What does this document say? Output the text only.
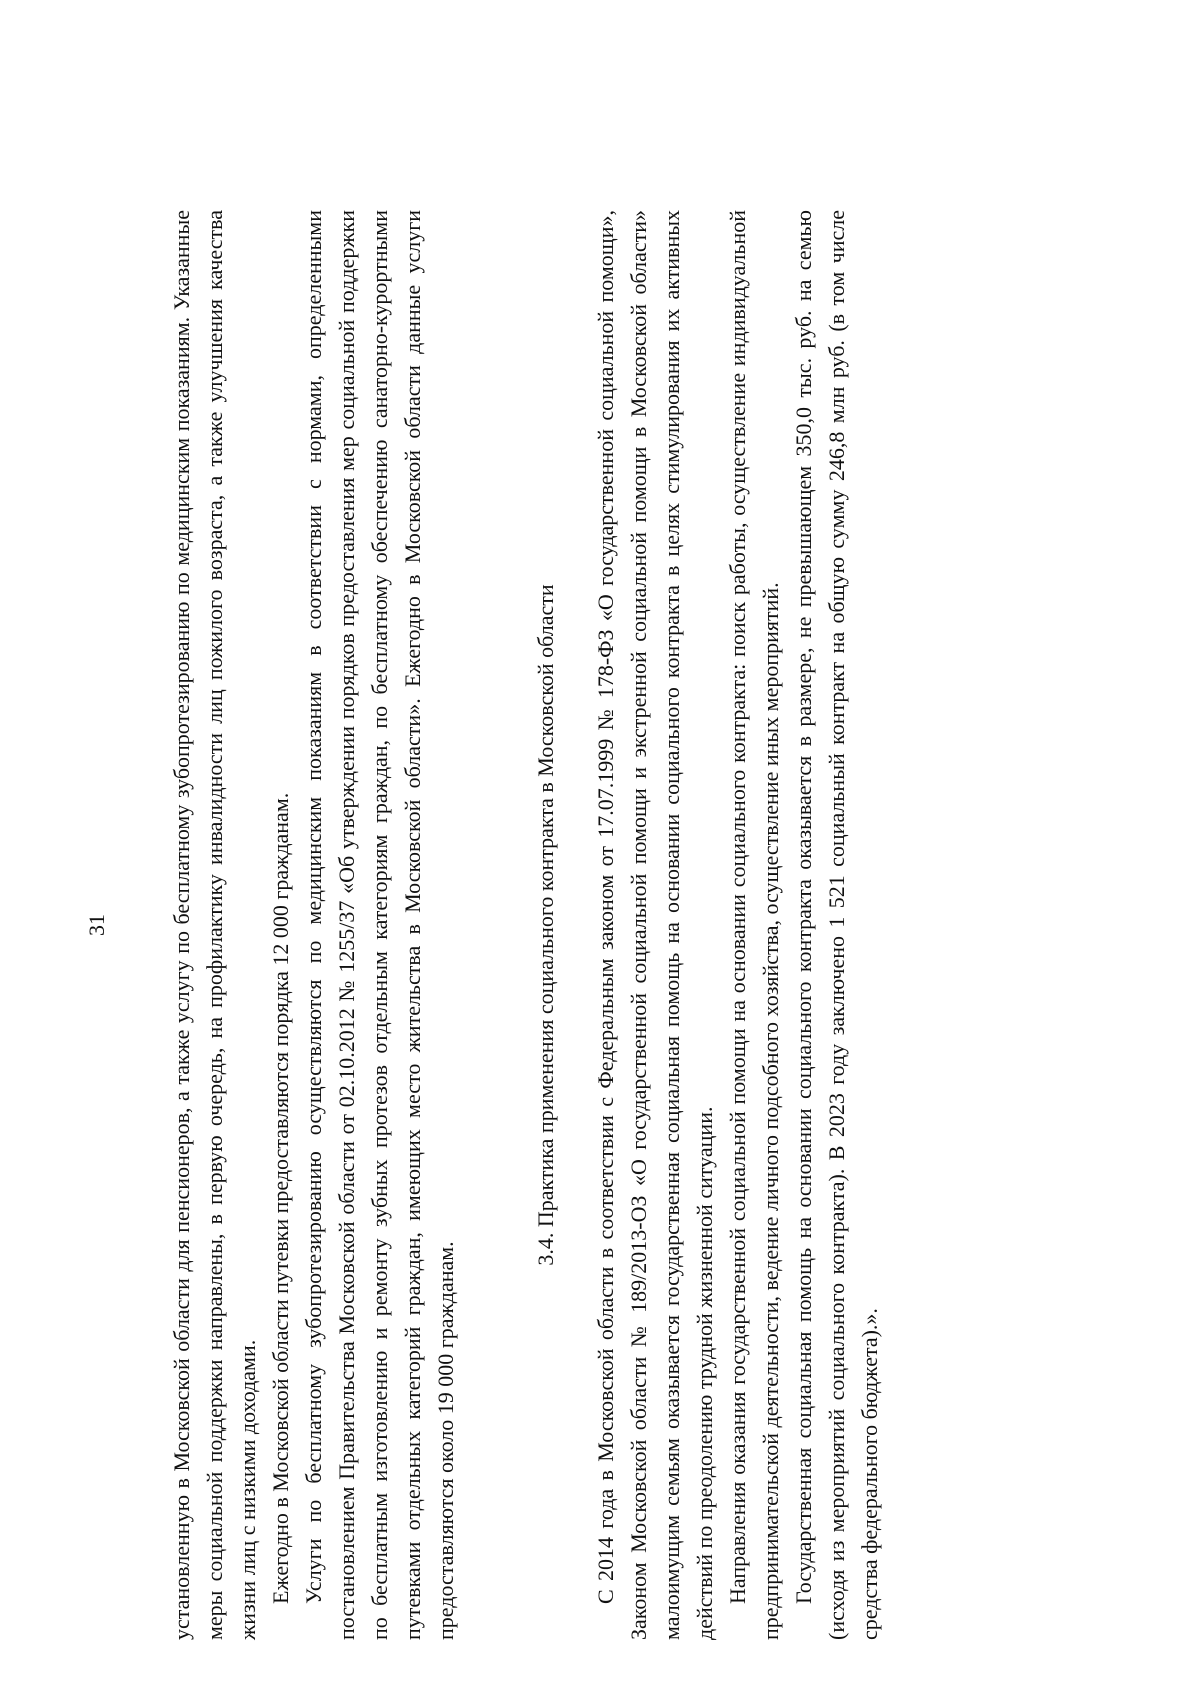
31	установленную в Московской области для пенсионеров, а также услугу по бесплатному зубопротезированию по медицинским показаниям. Указанные меры социальной поддержки направлены, в первую очередь, на профилактику инвалидности лиц пожилого возраста, а также улучшения качества жизни лиц с низкими доходами. Ежегодно в Московской области путевки предоставляются порядка 12 000 гражданам. Услуги по бесплатному зубопротезированию осуществляются по медицинским показаниям в соответствии с нормами, определенными постановлением Правительства Московской области от 02.10.2012 № 1255/37 «Об утверждении порядков предоставления мер социальной поддержки по бесплатным изготовлению и ремонту зубных протезов отдельным категориям граждан, по бесплатному обеспечению санаторно-курортными путевками отдельных категорий граждан, имеющих место жительства в Московской области». Ежегодно в Московской области данные услуги предоставляются около 19 000 гражданам.

3.4. Практика применения социального контракта в Московской области С 2014 года в Московской области в соответствии с Федеральным законом от 17.07.1999 № 178-ФЗ «О государственной социальной помощи», Законом Московской области № 189/2013-ОЗ «О государственной социальной помощи и экстренной социальной помощи в Московской области» малоимущим семьям оказывается государственная социальная помощь на основании социального контракта в целях стимулирования их активных действий по преодолению трудной жизненной ситуации. Направления оказания государственной социальной помощи на основании социального контракта: поиск работы, осуществление индивидуальной предпринимательской деятельности, ведение личного подсобного хозяйства, осуществление иных мероприятий. Государственная социальная помощь на основании социального контракта оказывается в размере, не превышающем 350,0 тыс. руб. на семью (исходя из мероприятий социального контракта). В 2023 году заключено 1 521 социальный контракт на общую сумму 246,8 млн руб. (в том числе средства федерального бюджета).».
